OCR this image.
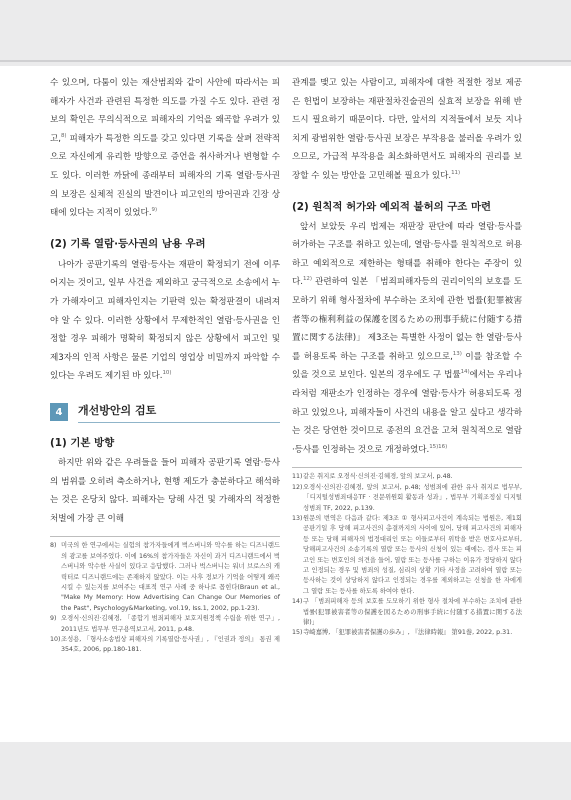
수 있으며, 다툼이 있는 재산범죄와 같이 사안에 따라서는 피해자가 사건과 관련된 특정한 의도를 가질 수도 있다. 관련 정보의 확인은 무의식적으로 피해자의 기억을 왜곡할 우려가 있고,$^{8)}$ 피해자가 특정한 의도를 갖고 있다면 기록을 살펴 전략적으로 자신에게 유리한 방향으로 증언을 취사하거나 변형할 수도 있다. 이러한 까닭에 종래부터 피해자의 기록 열람·등사권의 보장은 실체적 진실의 발견이나 피고인의 방어권과 긴장 상태에 있다는 지적이 있었다.$^{9)}$

(2) 기록 열람·등사권의 남용 우려

나아가 공판기록의 열람·등사는 재판이 확정되기 전에 이루어지는 것이고, 일부 사건을 제외하고 궁극적으로 소송에서 누가 가해자이고 피해자인지는 기판력 있는 확정판결이 내려져야 알 수 있다. 이러한 상황에서 무제한적인 열람·등사권을 인정할 경우 피해가 명확히 확정되지 않은 상황에서 피고인 및 제3자의 인적 사항은 물론 기업의 영업상 비밀까지 파악할 수 있다는 우려도 제기된 바 있다.$^{10)}$

4	개선방안의 검토
(1) 기본 방향

하지만 위와 같은 우려들을 들어 피해자 공판기록 열람·등사의 범위를 오히려 축소하거나, 현행 제도가 충분하다고 해석하는 것은 온당치 않다. 피해자는 당해 사건 및 가해자의 적정한 처벌에 가장 큰 이해

8) 미국의 한 연구에서는 실험의 참가자들에게 벅스버니와 악수를 하는 디즈니랜드의 광고를 보여주었다. 이에 16%의 참가자들은 자신이 과거 디즈니랜드에서 벅스버니와 악수한 사실이 있다고 응답했다. 그러나 벅스버니는 워너 브로스의 캐릭터로 디즈니랜드에는 존재하지 않았다. 이는 사후 정보가 기억을 어떻게 왜곡시킬 수 있는지를 보여주는 대표적 연구 사례 중 하나로 꼽힌다(Braun et al., "Make My Memory: How Advertising Can Change Our Memories of the Past", Psychology&Marketing, vol.19, Iss.1, 2002, pp.1-23).
9) 오경식·신의진·김혜경, 「종합기 범죄피해자 보호지원정책 수립을 위한 연구」, 2011년도 법무부 연구용역보고서, 2011, p.48.
10) 조성용, 「형사소송법상 피해자의 기록열람·등사권」, 『인권과 정의』 통권 제354호, 2006, pp.180-181.

관계를 맺고 있는 사람이고, 피해자에 대한 적절한 정보 제공은 헌법이 보장하는 재판절차진술권의 실효적 보장을 위해 반드시 필요하기 때문이다. 다만, 앞서의 지적들에서 보듯 지나치게 광범위한 열람·등사권 보장은 부작용을 불러올 우려가 있으므로, 가급적 부작용을 최소화하면서도 피해자의 권리를 보장할 수 있는 방안을 고민해볼 필요가 있다.$^{11)}$

(2) 원칙적 허가와 예외적 불허의 구조 마련

앞서 보았듯 우리 법제는 재판장 판단에 따라 열람·등사를 허가하는 구조를 취하고 있는데, 열람·등사를 원칙적으로 허용하고 예외적으로 제한하는 형태를 취해야 한다는 주장이 있다.$^{12)}$ 관련하여 일본 「범죄피해자등의 권리이익의 보호를 도모하기 위해 형사절차에 부수하는 조치에 관한 법률(犯罪被害者等の権利利益の保護を図るための刑事手続に付随する措置に関する法律)」 제3조는 특별한 사정이 없는 한 열람·등사를 허용토록 하는 구조를 취하고 있으므로,$^{13)}$ 이를 참조할 수 있을 것으로 보인다. 일본의 경우에도 구 법률$^{14)}$에서는 우리나라처럼 재판소가 인정하는 경우에 열람·등사가 허용되도록 정하고 있었으나, 피해자들이 사건의 내용을 알고 싶다고 생각하는 것은 당연한 것이므로 종전의 요건을 고쳐 원칙적으로 열람·등사를 인정하는 것으로 개정하였다.$^{15)16)}$

11) 같은 취지로 오경식·신의진·김혜경, 앞의 보고서, p.48.
12) 오경식·신의진·김혜경, 앞의 보고서, p.48; 성범죄에 관한 유사 취지로 법무부, 「디지털성범죄대응TF · 전문위원회 활동과 성과」, 법무부 기획조정실 디지털 성범죄 TF, 2022, p.139.
13) 원문의 번역은 다음과 같다: 제3조 ① 형사피고사건이 계속되는 법원은, 제1회 공판기일 후 당해 피고사건의 총결까지의 사이에 있어, 당해 피고사건의 피해자 등 또는 당해 피해자의 법정대리인 또는 이들로부터 위탁을 받은 변호사로부터, 당해피고사건의 소송기록의 열람 또는 등사의 신청이 있는 때에는, 검사 또는 피고인 또는 변호인의 의견을 들어, 열람 또는 등사를 구하는 이유가 정당하지 않다고 인정되는 경우 및 범죄의 성질, 심리의 상황 기타 사정을 고려하여 열람 또는 등사하는 것이 상당하지 않다고 인정되는 경우를 제외하고는 신청을 한 자에게 그 열람 또는 등사를 하도록 하여야 한다.
14) 구 「범죄피해자 등의 보호를 도모하기 위한 형사 절차에 부수하는 조치에 관한 법률(犯罪被害者等の保護を図るための刑事手続に付随する措置に関する法律)」
15) 寺崎嘉博, 「犯罪被害者保護の歩み」, 『法律時報』 第91巻, 2022, p.31.
